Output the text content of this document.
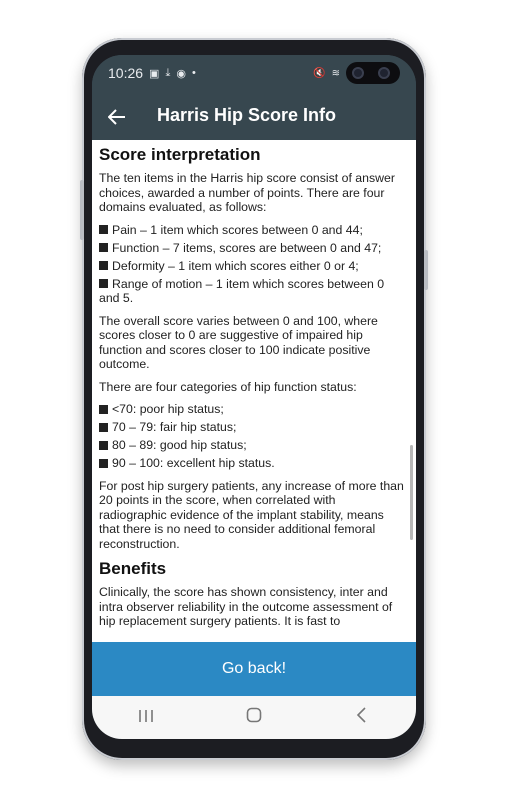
10:26 ▣ ⤓ ◉ •	🔇 ≋
Harris Hip Score Info
Score interpretation

The ten items in the Harris hip score consist of answer choices, awarded a number of points. There are four domains evaluated, as follows:

Pain – 1 item which scores between 0 and 44;
Function – 7 items, scores are between 0 and 47;
Deformity – 1 item which scores either 0 or 4;
Range of motion – 1 item which scores between 0 and 5.

The overall score varies between 0 and 100, where scores closer to 0 are suggestive of impaired hip function and scores closer to 100 indicate positive outcome.

There are four categories of hip function status:

<70: poor hip status;
70 – 79: fair hip status;
80 – 89: good hip status;
90 – 100: excellent hip status.

For post hip surgery patients, any increase of more than 20 points in the score, when correlated with radiographic evidence of the implant stability, means that there is no need to consider additional femoral reconstruction.

Benefits

Clinically, the score has shown consistency, inter and intra observer reliability in the outcome assessment of hip replacement surgery patients. It is fast to

Go back!
